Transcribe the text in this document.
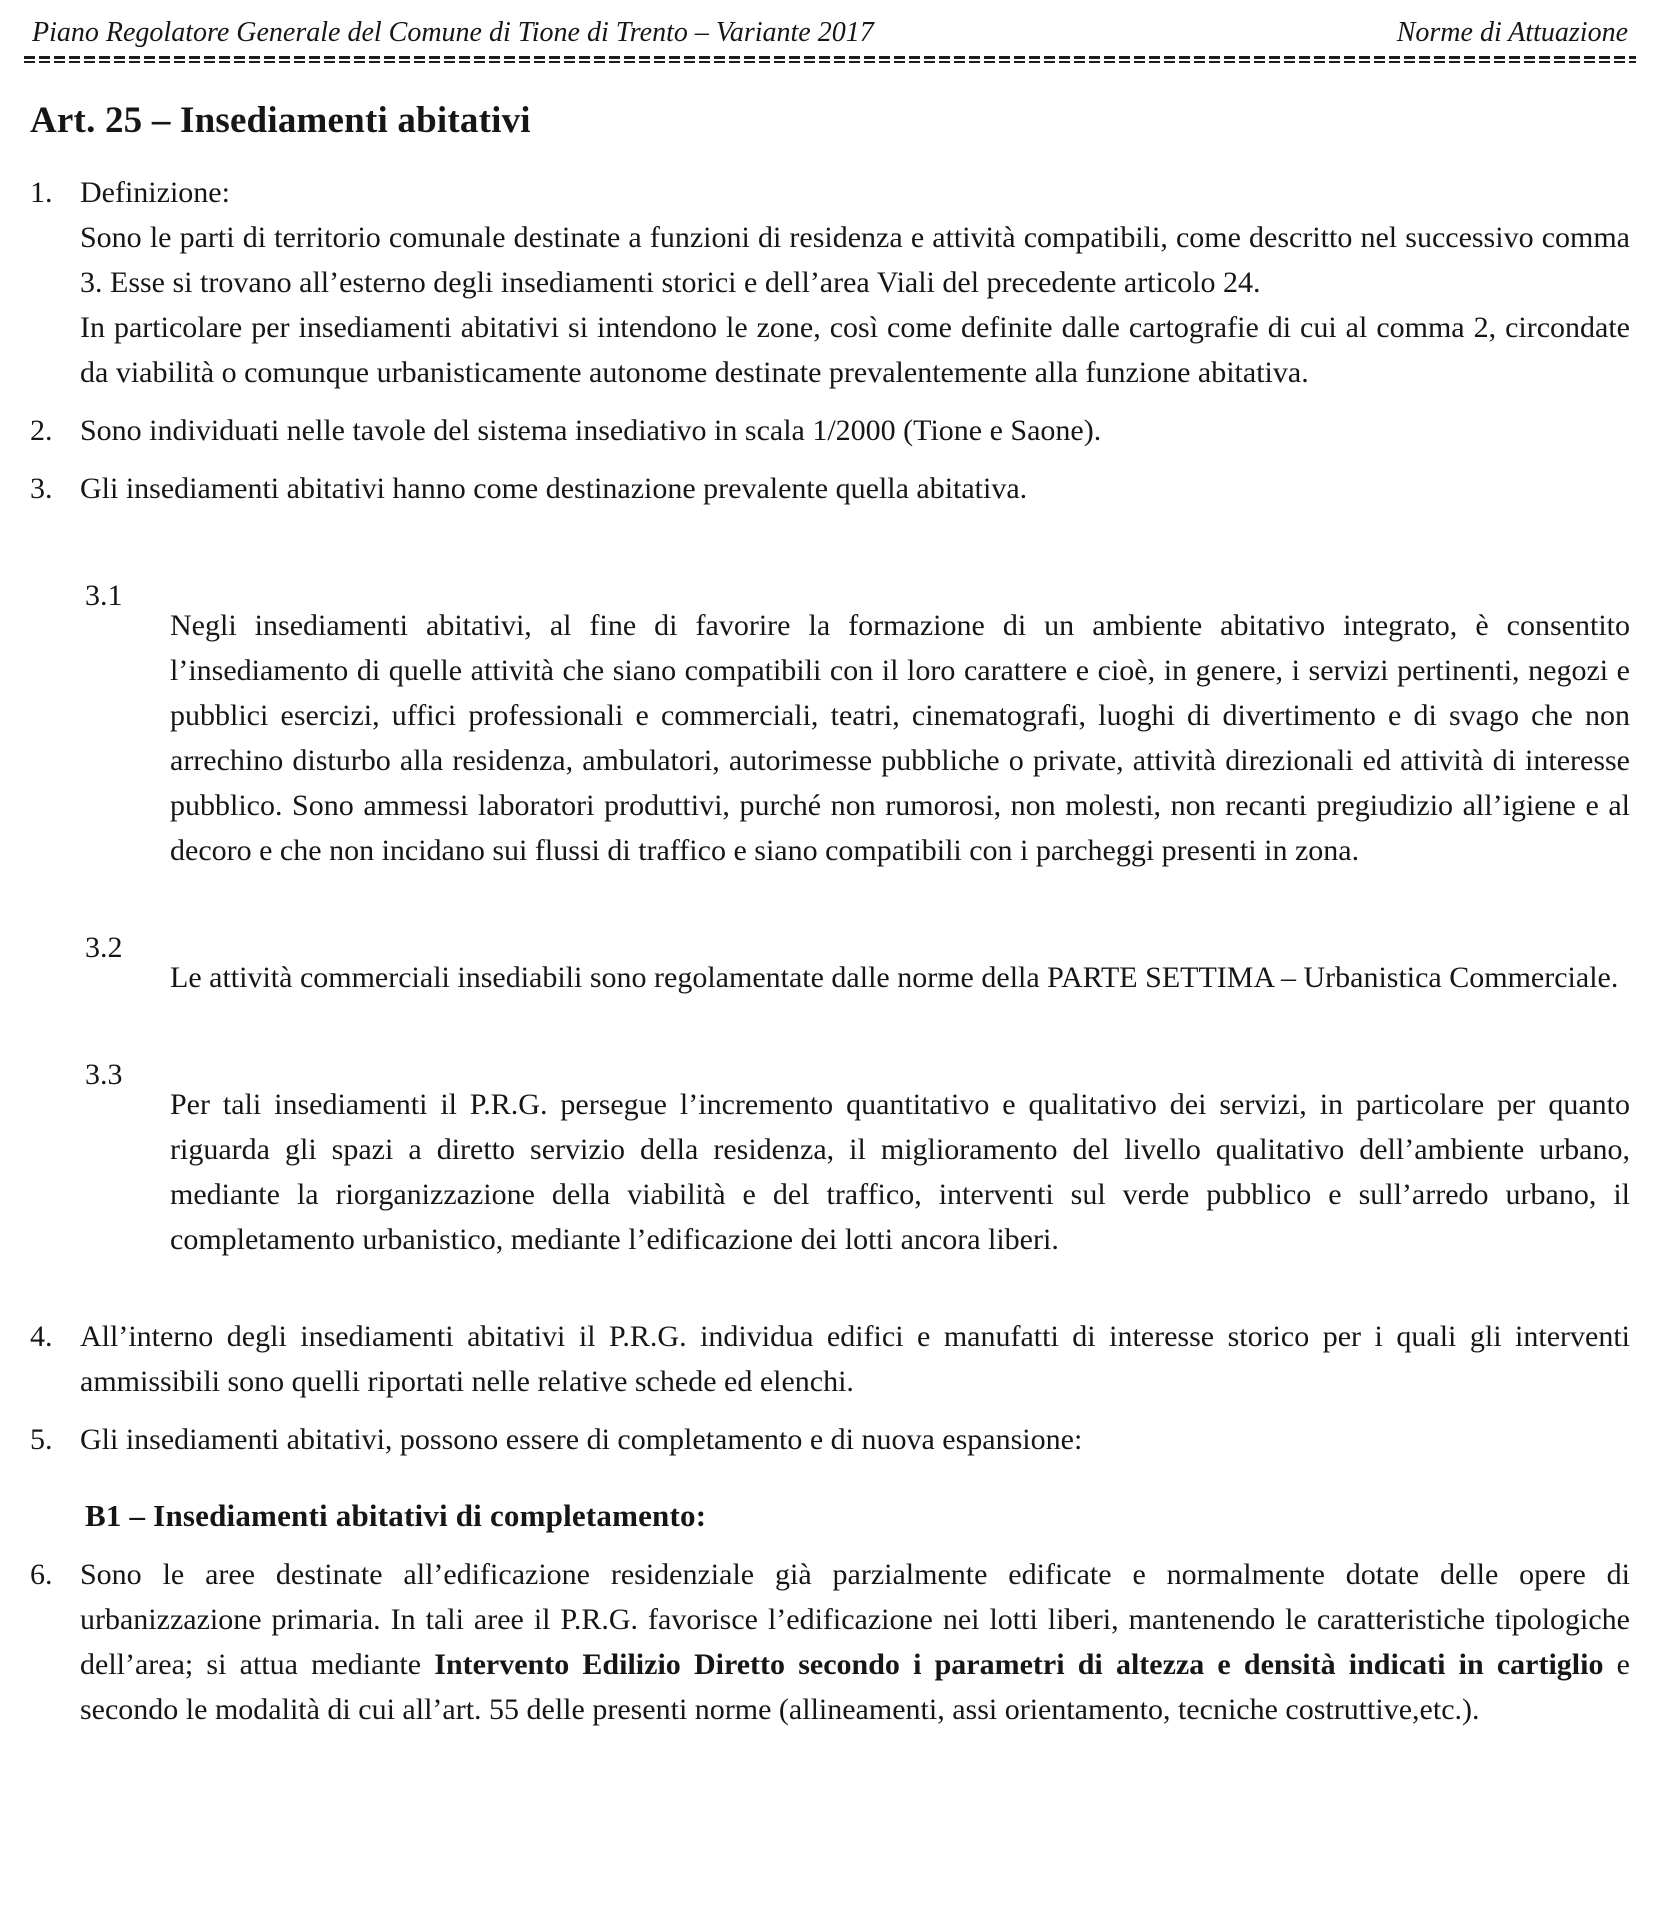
Piano Regolatore Generale del Comune di Tione di Trento – Variante 2017	Norme di Attuazione
Art. 25 – Insediamenti abitativi
1. Definizione:

Sono le parti di territorio comunale destinate a funzioni di residenza e attività compatibili, come descritto nel successivo comma 3. Esse si trovano all’esterno degli insediamenti storici e dell’area Viali del precedente articolo 24.

In particolare per insediamenti abitativi si intendono le zone, così come definite dalle cartografie di cui al comma 2, circondate da viabilità o comunque urbanisticamente autonome destinate prevalentemente alla funzione abitativa.

2. Sono individuati nelle tavole del sistema insediativo in scala 1/2000 (Tione e Saone).

3. Gli insediamenti abitativi hanno come destinazione prevalente quella abitativa.

3.1

Negli insediamenti abitativi, al fine di favorire la formazione di un ambiente abitativo integrato, è consentito l’insediamento di quelle attività che siano compatibili con il loro carattere e cioè, in genere, i servizi pertinenti, negozi e pubblici esercizi, uffici professionali e commerciali, teatri, cinematografi, luoghi di divertimento e di svago che non arrechino disturbo alla residenza, ambulatori, autorimesse pubbliche o private, attività direzionali ed attività di interesse pubblico. Sono ammessi laboratori produttivi, purché non rumorosi, non molesti, non recanti pregiudizio all’igiene e al decoro e che non incidano sui flussi di traffico e siano compatibili con i parcheggi presenti in zona.

3.2

Le attività commerciali insediabili sono regolamentate dalle norme della PARTE SETTIMA – Urbanistica Commerciale.

3.3

Per tali insediamenti il P.R.G. persegue l’incremento quantitativo e qualitativo dei servizi, in particolare per quanto riguarda gli spazi a diretto servizio della residenza, il miglioramento del livello qualitativo dell’ambiente urbano, mediante la riorganizzazione della viabilità e del traffico, interventi sul verde pubblico e sull’arredo urbano, il completamento urbanistico, mediante l’edificazione dei lotti ancora liberi.

4. All’interno degli insediamenti abitativi il P.R.G. individua edifici e manufatti di interesse storico per i quali gli interventi ammissibili sono quelli riportati nelle relative schede ed elenchi.

5. Gli insediamenti abitativi, possono essere di completamento e di nuova espansione:

B1 – Insediamenti abitativi di completamento:
6. Sono le aree destinate all’edificazione residenziale già parzialmente edificate e normalmente dotate delle opere di urbanizzazione primaria. In tali aree il P.R.G. favorisce l’edificazione nei lotti liberi, mantenendo le caratteristiche tipologiche dell’area; si attua mediante Intervento Edilizio Diretto secondo i parametri di altezza e densità indicati in cartiglio e secondo le modalità di cui all’art. 55 delle presenti norme (allineamenti, assi orientamento, tecniche costruttive,etc.).
